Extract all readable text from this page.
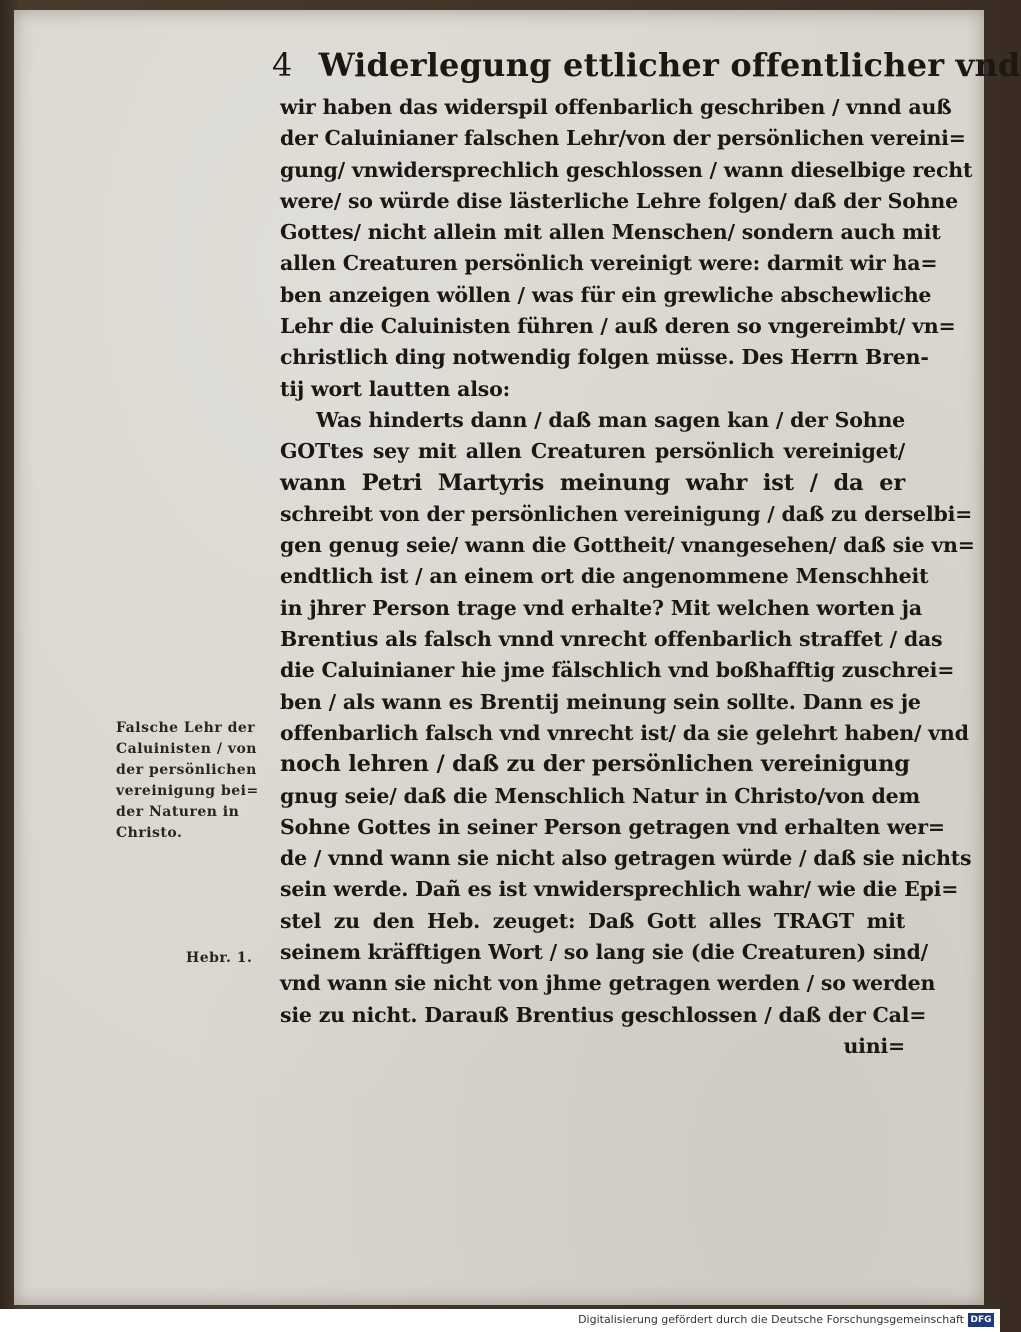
4 Widerlegung ettlicher offentlicher vnd
wir haben das widerspil offenbarlich geschriben / vnnd auß
der Caluinianer falschen Lehr/von der persönlichen vereini=
gung/ vnwidersprechlich geschlossen / wann dieselbige recht
were/ so würde dise lästerliche Lehre folgen/ daß der Sohne
Gottes/ nicht allein mit allen Menschen/ sondern auch mit
allen Creaturen persönlich vereinigt were: darmit wir ha=
ben anzeigen wöllen / was für ein grewliche abschewliche
Lehr die Caluinisten führen / auß deren so vngereimbt/ vn=
christlich ding notwendig folgen müsse. Des Herrn Bren-
tij wort lautten also:
Was hinderts dann / daß man sagen kan / der Sohne
GOTtes sey mit allen Creaturen persönlich vereiniget/
wann Petri Martyris meinung wahr ist / da er
schreibt von der persönlichen vereinigung / daß zu derselbi=
gen genug seie/ wann die Gottheit/ vnangesehen/ daß sie vn=
endtlich ist / an einem ort die angenommene Menschheit
in jhrer Person trage vnd erhalte? Mit welchen worten ja
Brentius als falsch vnnd vnrecht offenbarlich straffet / das
die Caluinianer hie jme fälschlich vnd boßhafftig zuschrei=
ben / als wann es Brentij meinung sein sollte. Dann es je
offenbarlich falsch vnd vnrecht ist/ da sie gelehrt haben/ vnd
noch lehren / daß zu der persönlichen vereinigung
gnug seie/ daß die Menschlich Natur in Christo/von dem
Sohne Gottes in seiner Person getragen vnd erhalten wer=
de / vnnd wann sie nicht also getragen würde / daß sie nichts
sein werde. Dañ es ist vnwidersprechlich wahr/ wie die Epi=
stel zu den Heb. zeuget: Daß Gott alles TRAGT mit
seinem kräfftigen Wort / so lang sie (die Creaturen) sind/
vnd wann sie nicht von jhme getragen werden / so werden
sie zu nicht. Darauß Brentius geschlossen / daß der Cal=
uini=
Falsche Lehr der
Caluinisten / von
der persönlichen
vereinigung bei=
der Naturen in
Christo.
Hebr. 1.
Digitalisierung gefördert durch die Deutsche Forschungsgemeinschaft DFG
